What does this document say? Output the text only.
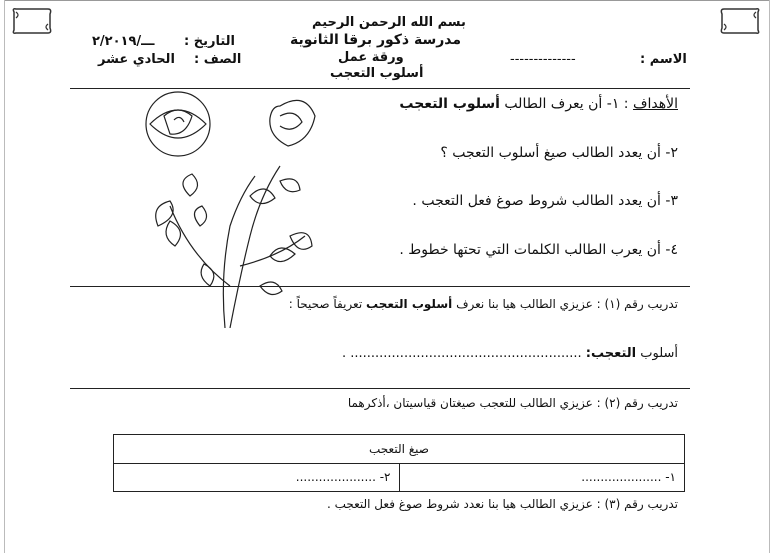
بسم الله الرحمن الرحيم
مدرسة ذكور برقا الثانوية
ورقة عمل
أسلوب التعجب
التاريخ :
ـــ/٢/٢٠١٩
الصف :
الحادي عشر	الاسم :
--------------
الأهداف : ١- أن يعرف الطالب أسلوب التعجب
٢- أن يعدد الطالب صيغ أسلوب التعجب ؟
٣- أن يعدد الطالب شروط صوغ فعل التعجب .
٤- أن يعرب الطالب الكلمات التي تحتها خطوط .
تدريب رقم (١) : عزيزي الطالب هيا بنا نعرف أسلوب التعجب تعريفاً صحيحاً :
أسلوب التعجب: ........................................................ .
تدريب رقم (٢) : عزيزي الطالب للتعجب صيغتان قياسيتان ،أذكرهما
صيغ التعجب
١- .....................	٢- .....................
تدريب رقم (٣) : عزيزي الطالب هيا بنا نعدد شروط صوغ فعل التعجب .
